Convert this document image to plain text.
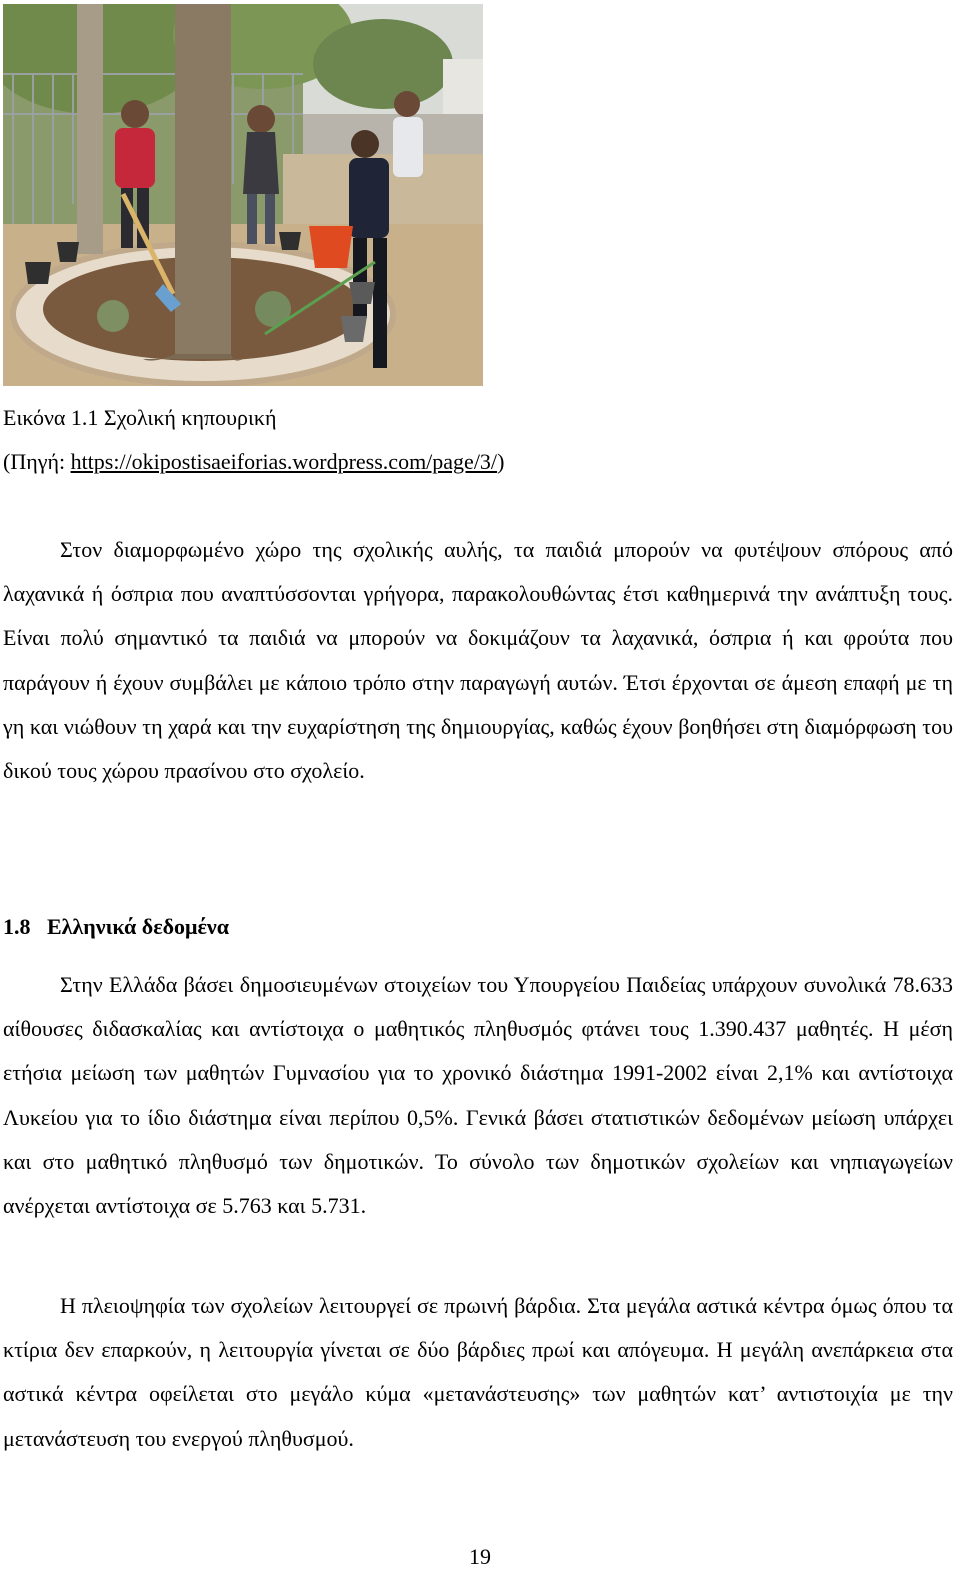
Εικόνα 1.1 Σχολική κηπουρική
(Πηγή: https://okipostisaeiforias.wordpress.com/page/3/)

Στον διαμορφωμένο χώρο της σχολικής αυλής, τα παιδιά μπορούν να φυτέψουν σπόρους από λαχανικά ή όσπρια που αναπτύσσονται γρήγορα, παρακολουθώντας έτσι καθημερινά την ανάπτυξη τους. Είναι πολύ σημαντικό τα παιδιά να μπορούν να δοκιμάζουν τα λαχανικά, όσπρια ή και φρούτα που παράγουν ή έχουν συμβάλει με κάποιο τρόπο στην παραγωγή αυτών. Έτσι έρχονται σε άμεση επαφή με τη γη και νιώθουν τη χαρά και την ευχαρίστηση της δημιουργίας, καθώς έχουν βοηθήσει στη διαμόρφωση του δικού τους χώρου πρασίνου στο σχολείο.

1.8 Ελληνικά δεδομένα

Στην Ελλάδα βάσει δημοσιευμένων στοιχείων του Υπουργείου Παιδείας υπάρχουν συνολικά 78.633 αίθουσες διδασκαλίας και αντίστοιχα ο μαθητικός πληθυσμός φτάνει τους 1.390.437 μαθητές. Η μέση ετήσια μείωση των μαθητών Γυμνασίου για το χρονικό διάστημα 1991-2002 είναι 2,1% και αντίστοιχα Λυκείου για το ίδιο διάστημα είναι περίπου 0,5%. Γενικά βάσει στατιστικών δεδομένων μείωση υπάρχει και στο μαθητικό πληθυσμό των δημοτικών. Το σύνολο των δημοτικών σχολείων και νηπιαγωγείων ανέρχεται αντίστοιχα σε 5.763 και 5.731.

Η πλειοψηφία των σχολείων λειτουργεί σε πρωινή βάρδια. Στα μεγάλα αστικά κέντρα όμως όπου τα κτίρια δεν επαρκούν, η λειτουργία γίνεται σε δύο βάρδιες πρωί και απόγευμα. Η μεγάλη ανεπάρκεια στα αστικά κέντρα οφείλεται στο μεγάλο κύμα «μετανάστευσης» των μαθητών κατ’ αντιστοιχία με την μετανάστευση του ενεργού πληθυσμού.

19
